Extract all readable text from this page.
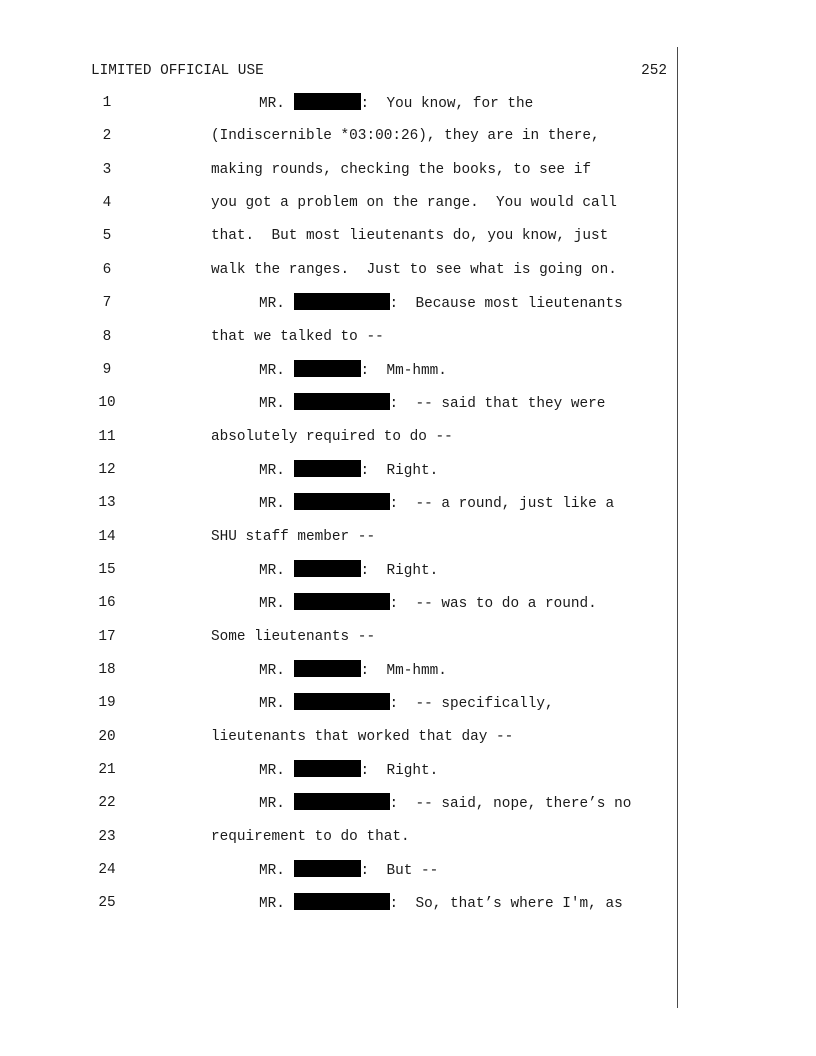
LIMITED OFFICIAL USE	252
1	MR.	:  You know, for the
2	(Indiscernible *03:00:26), they are in there,
3	making rounds, checking the books, to see if
4	you got a problem on the range.  You would call
5	that.  But most lieutenants do, you know, just
6	walk the ranges.  Just to see what is going on.
7	MR.	:  Because most lieutenants
8	that we talked to --
9	MR.	:  Mm-hmm.
10	MR.	:  -- said that they were
11	absolutely required to do --
12	MR.	:  Right.
13	MR.	:  -- a round, just like a
14	SHU staff member --
15	MR.	:  Right.
16	MR.	:  -- was to do a round.
17	Some lieutenants --
18	MR.	:  Mm-hmm.
19	MR.	:  -- specifically,
20	lieutenants that worked that day --
21	MR.	:  Right.
22	MR.	:  -- said, nope, there’s no
23	requirement to do that.
24	MR.	:  But --
25	MR.	:  So, that’s where I'm, as
